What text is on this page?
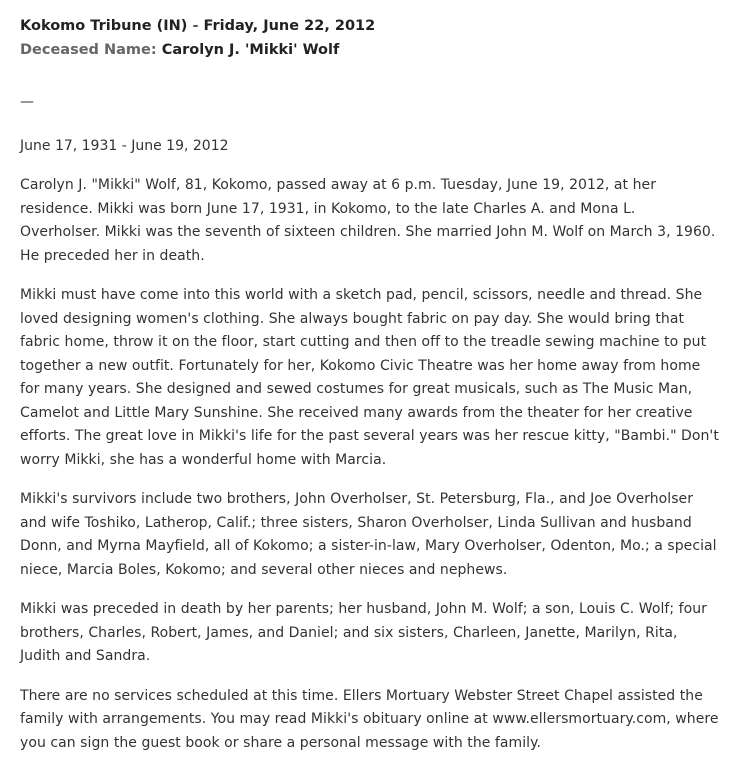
Kokomo Tribune (IN) - Friday, June 22, 2012
Deceased Name: Carolyn J. 'Mikki' Wolf
—
June 17, 1931 - June 19, 2012

Carolyn J. "Mikki" Wolf, 81, Kokomo, passed away at 6 p.m. Tuesday, June 19, 2012, at her residence. Mikki was born June 17, 1931, in Kokomo, to the late Charles A. and Mona L. Overholser. Mikki was the seventh of sixteen children. She married John M. Wolf on March 3, 1960. He preceded her in death.

Mikki must have come into this world with a sketch pad, pencil, scissors, needle and thread. She loved designing women's clothing. She always bought fabric on pay day. She would bring that fabric home, throw it on the floor, start cutting and then off to the treadle sewing machine to put together a new outfit. Fortunately for her, Kokomo Civic Theatre was her home away from home for many years. She designed and sewed costumes for great musicals, such as The Music Man, Camelot and Little Mary Sunshine. She received many awards from the theater for her creative efforts. The great love in Mikki's life for the past several years was her rescue kitty, "Bambi." Don't worry Mikki, she has a wonderful home with Marcia.

Mikki's survivors include two brothers, John Overholser, St. Petersburg, Fla., and Joe Overholser and wife Toshiko, Latherop, Calif.; three sisters, Sharon Overholser, Linda Sullivan and husband Donn, and Myrna Mayfield, all of Kokomo; a sister-in-law, Mary Overholser, Odenton, Mo.; a special niece, Marcia Boles, Kokomo; and several other nieces and nephews.

Mikki was preceded in death by her parents; her husband, John M. Wolf; a son, Louis C. Wolf; four brothers, Charles, Robert, James, and Daniel; and six sisters, Charleen, Janette, Marilyn, Rita, Judith and Sandra.

There are no services scheduled at this time. Ellers Mortuary Webster Street Chapel assisted the family with arrangements. You may read Mikki's obituary online at www.ellersmortuary.com, where you can sign the guest book or share a personal message with the family.
